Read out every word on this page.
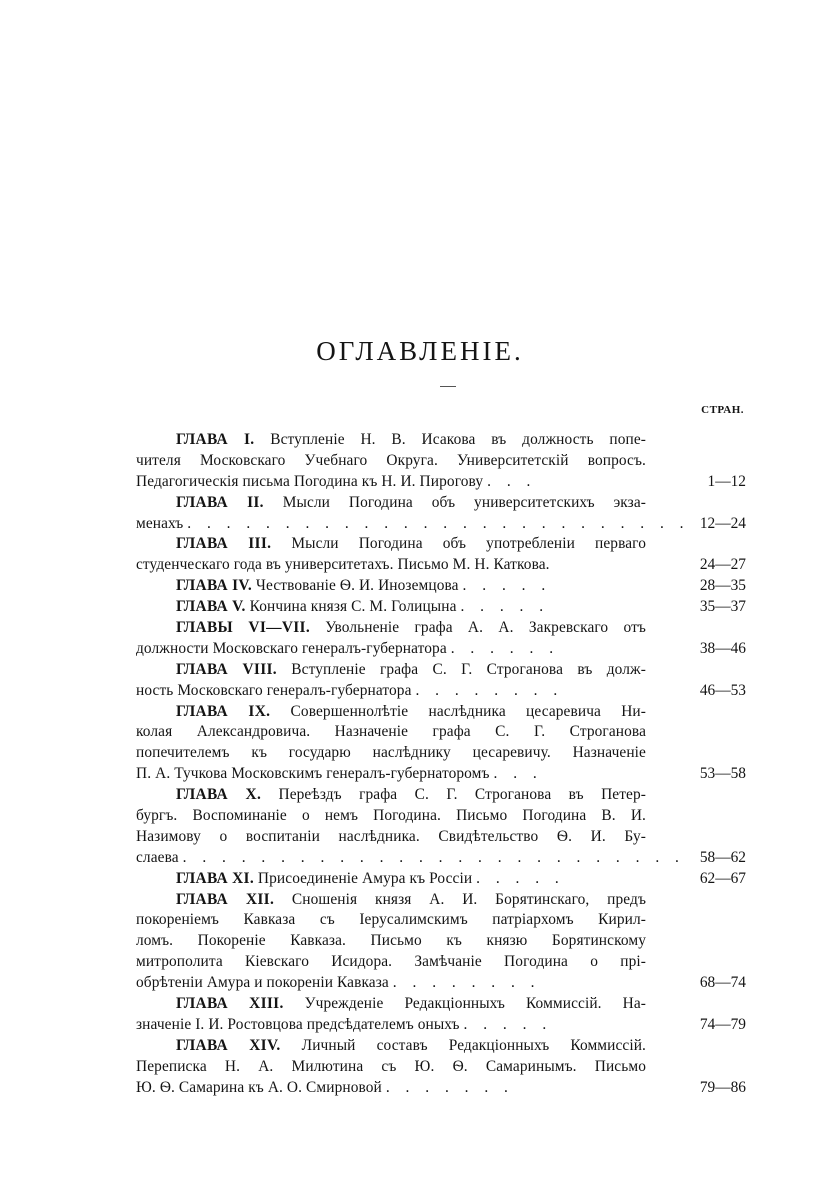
ОГЛАВЛЕНІЕ.
СТРАН.
ГЛАВА I. Вступленіе Н. В. Исакова въ должность попе-
чителя Московскаго Учебнаго Округа. Университетскій вопросъ.
Педагогическія письма Погодина къ Н. И. Пирогову . . .	1—12
ГЛАВА II. Мысли Погодина объ университетскихъ экза-
менахъ . . . . . . . . . . . . . . . . . . . . . . . . . . 12—24
ГЛАВА III. Мысли Погодина объ употребленіи перваго
студенческаго года въ университетахъ. Письмо М. Н. Каткова.	24—27
ГЛАВА IV. Чествованіе Ѳ. И. Иноземцова . . . . .	28—35
ГЛАВА V. Кончина князя С. М. Голицына . . . . .	35—37
ГЛАВЫ VI—VII. Увольненіе графа А. А. Закревскаго отъ
должности Московскаго генералъ-губернатора . . . . . .	38—46
ГЛАВА VIII. Вступленіе графа С. Г. Строганова въ долж-
ность Московскаго генералъ-губернатора . . . . . . . .	46—53
ГЛАВА IX. Совершеннолѣтіе наслѣдника цесаревича Ни-
колая Александровича. Назначеніе графа С. Г. Строганова
попечителемъ къ государю наслѣднику цесаревичу. Назначеніе
П. А. Тучкова Московскимъ генералъ-губернаторомъ . . .	53—58
ГЛАВА X. Переѣздъ графа С. Г. Строганова въ Петер-
бургъ. Воспоминаніе о немъ Погодина. Письмо Погодина В. И.
Назимову о воспитаніи наслѣдника. Свидѣтельство Ѳ. И. Бу-
слаева . . . . . . . . . . . . . . . . . . . . . . . . . . 58—62
ГЛАВА XI. Присоединеніе Амура къ Россіи . . . . .	62—67
ГЛАВА XII. Сношенія князя А. И. Борятинскаго, предъ
покореніемъ Кавказа съ Іерусалимскимъ патріархомъ Кирил-
ломъ. Покореніе Кавказа. Письмо къ князю Борятинскому
митрополита Кіевскаго Исидора. Замѣчаніе Погодина о прі-
обрѣтеніи Амура и покореніи Кавказа . . . . . . . .	68—74
ГЛАВА XIII. Учрежденіе Редакціонныхъ Коммиссій. На-
значеніе І. И. Ростовцова предсѣдателемъ оныхъ . . . . .	74—79
ГЛАВА XIV. Личный составъ Редакціонныхъ Коммиссій.
Переписка Н. А. Милютина съ Ю. Ѳ. Самаринымъ. Письмо
Ю. Ѳ. Самарина къ А. О. Смирновой . . . . . . .	79—86
